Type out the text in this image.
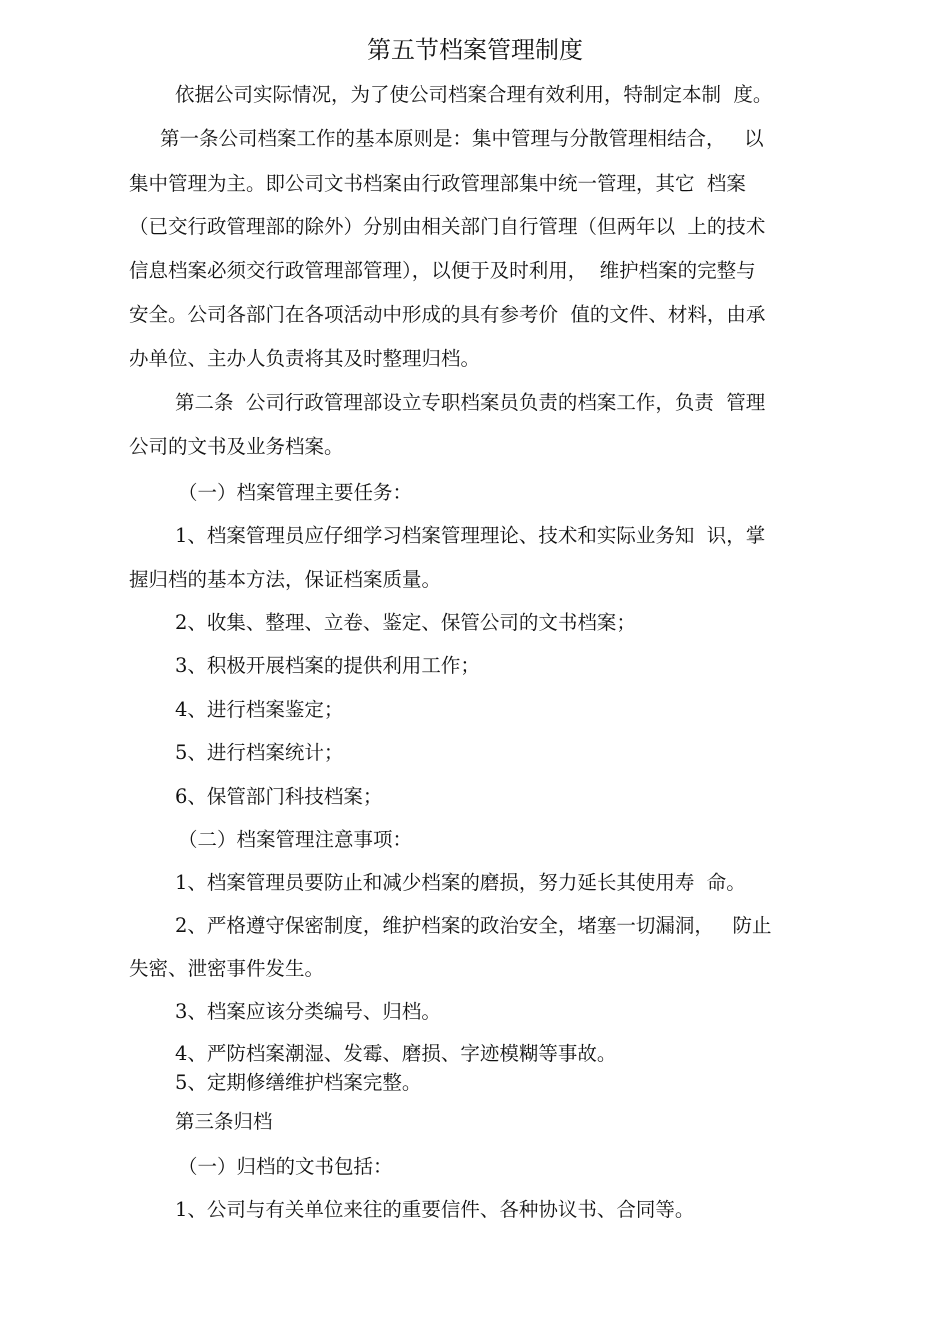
第五节档案管理制度
依据公司实际情况，为了使公司档案合理有效利用，特制定本制  度。
第一条公司档案工作的基本原则是：集中管理与分散管理相结合，   以
集中管理为主。即公司文书档案由行政管理部集中统一管理，其它  档案
（已交行政管理部的除外）分别由相关部门自行管理（但两年以  上的技术
信息档案必须交行政管理部管理），以便于及时利用，  维护档案的完整与
安全。公司各部门在各项活动中形成的具有参考价  值的文件、材料，由承
办单位、主办人负责将其及时整理归档。
第二条  公司行政管理部设立专职档案员负责的档案工作，负责  管理
公司的文书及业务档案。
（一）档案管理主要任务：
1、档案管理员应仔细学习档案管理理论、技术和实际业务知  识，掌
握归档的基本方法，保证档案质量。
2、收集、整理、立卷、鉴定、保管公司的文书档案；
3、积极开展档案的提供利用工作；
4、进行档案鉴定；
5、进行档案统计；
6、保管部门科技档案；
（二）档案管理注意事项：
1、档案管理员要防止和减少档案的磨损，努力延长其使用寿  命。
2、严格遵守保密制度，维护档案的政治安全，堵塞一切漏洞，   防止
失密、泄密事件发生。
3、档案应该分类编号、归档。
4、严防档案潮湿、发霉、磨损、字迹模糊等事故。
5、定期修缮维护档案完整。
第三条归档
（一）归档的文书包括：
1、公司与有关单位来往的重要信件、各种协议书、合同等。
